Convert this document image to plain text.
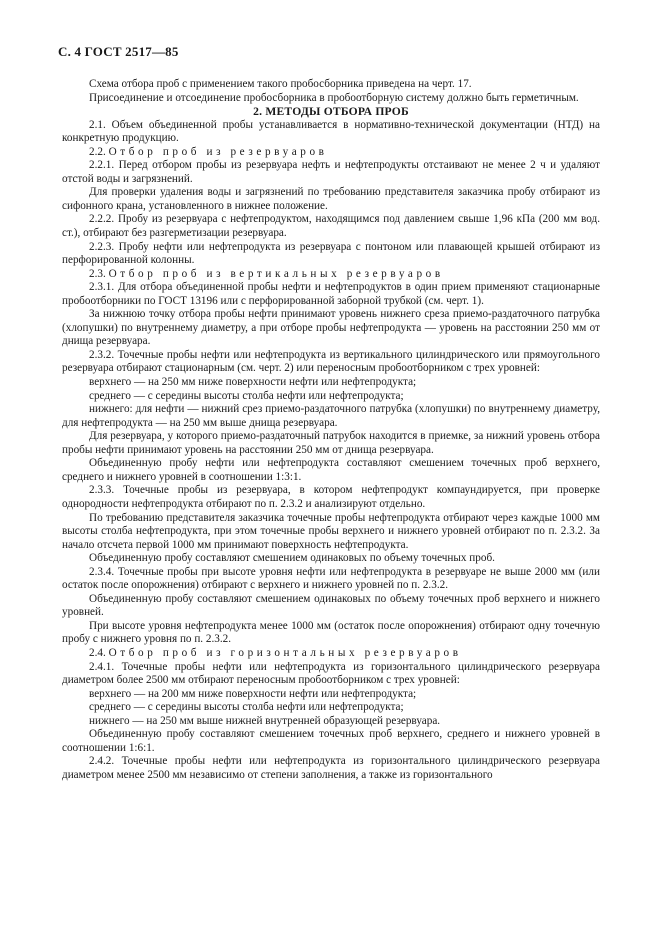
С. 4 ГОСТ 2517—85

Схема отбора проб с применением такого пробосборника приведена на черт. 17.

Присоединение и отсоединение пробосборника в пробоотборную систему должно быть герметичным.

2. МЕТОДЫ ОТБОРА ПРОБ

2.1. Объем объединенной пробы устанавливается в нормативно-технической документации (НТД) на конкретную продукцию.

2.2. Отбор проб из резервуаров

2.2.1. Перед отбором пробы из резервуара нефть и нефтепродукты отстаивают не менее 2 ч и удаляют отстой воды и загрязнений.

Для проверки удаления воды и загрязнений по требованию представителя заказчика пробу отбирают из сифонного крана, установленного в нижнее положение.

2.2.2. Пробу из резервуара с нефтепродуктом, находящимся под давлением свыше 1,96 кПа (200 мм вод. ст.), отбирают без разгерметизации резервуара.

2.2.3. Пробу нефти или нефтепродукта из резервуара с понтоном или плавающей крышей отбирают из перфорированной колонны.

2.3. Отбор проб из вертикальных резервуаров

2.3.1. Для отбора объединенной пробы нефти и нефтепродуктов в один прием применяют стационарные пробоотборники по ГОСТ 13196 или с перфорированной заборной трубкой (см. черт. 1).

За нижнюю точку отбора пробы нефти принимают уровень нижнего среза приемо-раздаточного патрубка (хлопушки) по внутреннему диаметру, а при отборе пробы нефтепродукта — уровень на расстоянии 250 мм от днища резервуара.

2.3.2. Точечные пробы нефти или нефтепродукта из вертикального цилиндрического или прямоугольного резервуара отбирают стационарным (см. черт. 2) или переносным пробоотборником с трех уровней:

верхнего — на 250 мм ниже поверхности нефти или нефтепродукта;

среднего — с середины высоты столба нефти или нефтепродукта;

нижнего: для нефти — нижний срез приемо-раздаточного патрубка (хлопушки) по внутреннему диаметру, для нефтепродукта — на 250 мм выше днища резервуара.

Для резервуара, у которого приемо-раздаточный патрубок находится в приемке, за нижний уровень отбора пробы нефти принимают уровень на расстоянии 250 мм от днища резервуара.

Объединенную пробу нефти или нефтепродукта составляют смешением точечных проб верхнего, среднего и нижнего уровней в соотношении 1:3:1.

2.3.3. Точечные пробы из резервуара, в котором нефтепродукт компаундируется, при проверке однородности нефтепродукта отбирают по п. 2.3.2 и анализируют отдельно.

По требованию представителя заказчика точечные пробы нефтепродукта отбирают через каждые 1000 мм высоты столба нефтепродукта, при этом точечные пробы верхнего и нижнего уровней отбирают по п. 2.3.2. За начало отсчета первой 1000 мм принимают поверхность нефтепродукта.

Объединенную пробу составляют смешением одинаковых по объему точечных проб.

2.3.4. Точечные пробы при высоте уровня нефти или нефтепродукта в резервуаре не выше 2000 мм (или остаток после опорожнения) отбирают с верхнего и нижнего уровней по п. 2.3.2.

Объединенную пробу составляют смешением одинаковых по объему точечных проб верхнего и нижнего уровней.

При высоте уровня нефтепродукта менее 1000 мм (остаток после опорожнения) отбирают одну точечную пробу с нижнего уровня по п. 2.3.2.

2.4. Отбор проб из горизонтальных резервуаров

2.4.1. Точечные пробы нефти или нефтепродукта из горизонтального цилиндрического резервуара диаметром более 2500 мм отбирают переносным пробоотборником с трех уровней:

верхнего — на 200 мм ниже поверхности нефти или нефтепродукта;

среднего — с середины высоты столба нефти или нефтепродукта;

нижнего — на 250 мм выше нижней внутренней образующей резервуара.

Объединенную пробу составляют смешением точечных проб верхнего, среднего и нижнего уровней в соотношении 1:6:1.

2.4.2. Точечные пробы нефти или нефтепродукта из горизонтального цилиндрического резервуара диаметром менее 2500 мм независимо от степени заполнения, а также из горизонтального
